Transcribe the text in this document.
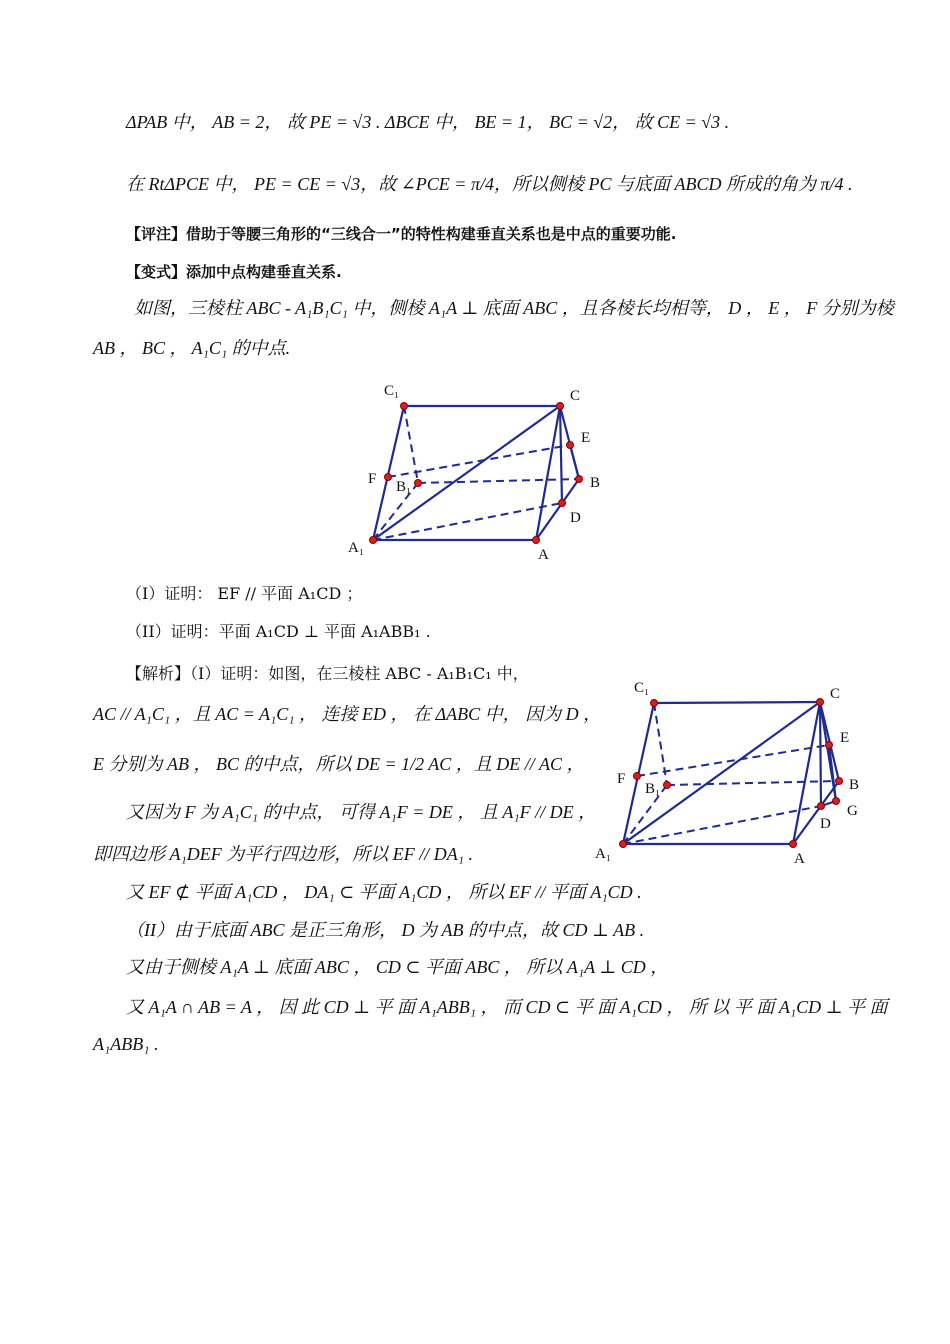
ΔPAB 中， AB = 2， 故 PE = √3 . ΔBCE 中， BE = 1， BC = √2， 故 CE = √3 .
在 RtΔPCE 中， PE = CE = √3，故 ∠PCE = π/4，所以侧棱 PC 与底面 ABCD 所成的角为 π/4 .
【评注】借助于等腰三角形的“三线合一”的特性构建垂直关系也是中点的重要功能.
【变式】添加中点构建垂直关系.
如图，三棱柱 ABC - A₁B₁C₁ 中，侧棱 A₁A ⊥ 底面 ABC ，且各棱长均相等， D ， E ， F 分别为棱
AB ， BC ， A₁C₁ 的中点.
C₁	C
E
F B₁	B
D
A₁	A
（I）证明： EF // 平面 A₁CD ；
（II）证明：平面 A₁CD ⊥ 平面 A₁ABB₁ .
【解析】（I）证明：如图，在三棱柱 ABC - A₁B₁C₁ 中，
AC // A₁C₁ ，且 AC = A₁C₁ ， 连接 ED ， 在 ΔABC 中， 因为 D ，
E 分别为 AB ， BC 的中点，所以 DE = 1/2 AC ，且 DE // AC ，
又因为 F 为 A₁C₁ 的中点， 可得 A₁F = DE ， 且 A₁F // DE ，
即四边形 A₁DEF 为平行四边形，所以 EF // DA₁ .
又 EF ⊄ 平面 A₁CD ， DA₁ ⊂ 平面 A₁CD ， 所以 EF // 平面 A₁CD .
（II）由于底面 ABC 是正三角形， D 为 AB 的中点，故 CD ⊥ AB .
又由于侧棱 A₁A ⊥ 底面 ABC ， CD ⊂ 平面 ABC ， 所以 A₁A ⊥ CD ，
又 A₁A ∩ AB = A ， 因 此 CD ⊥ 平 面 A₁ABB₁ ， 而 CD ⊂ 平 面 A₁CD ， 所 以 平 面 A₁CD ⊥ 平 面
A₁ABB₁ .
C₁	C
E
F
B₁	B
G
D
A₁	A
